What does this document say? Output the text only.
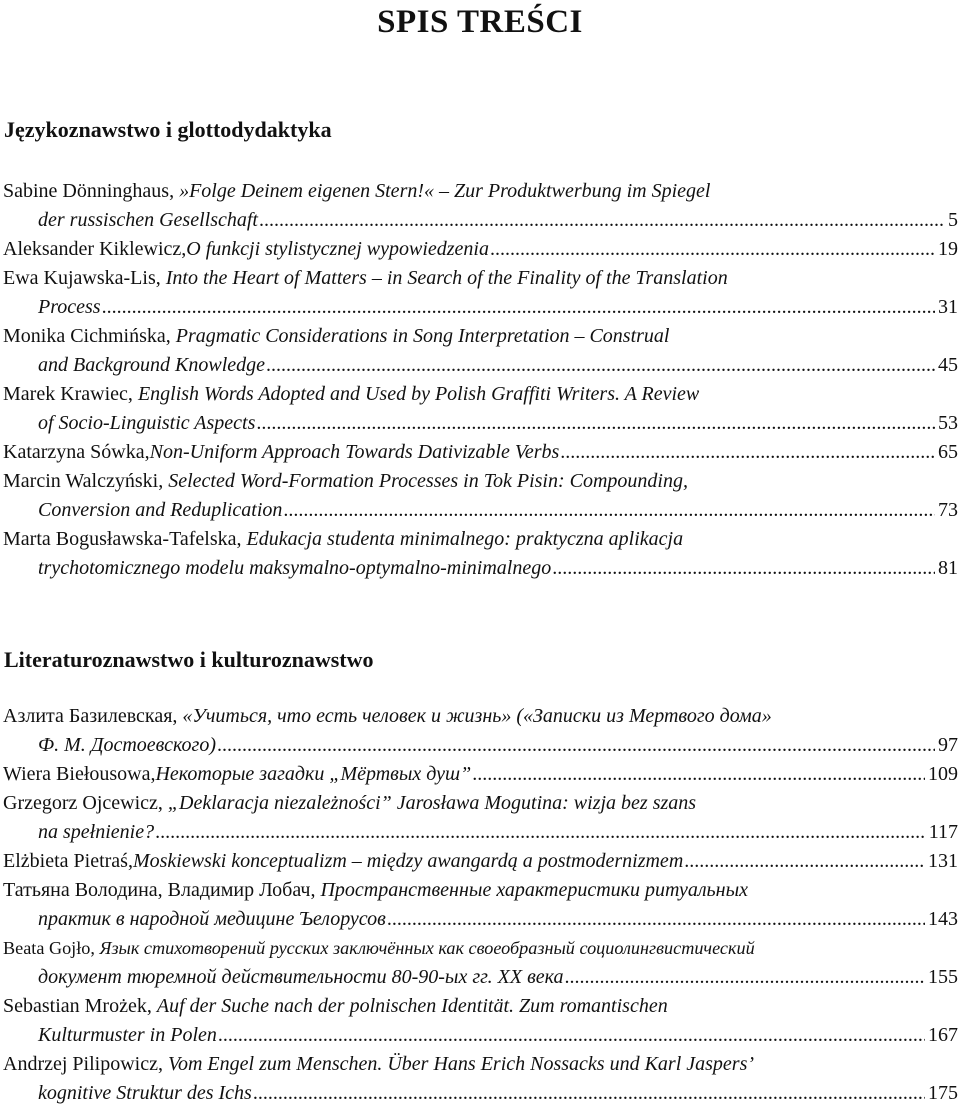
SPIS TREŚCI
Językoznawstwo i glottodydaktyka
Sabine Dönninghaus, »Folge Deinem eigenen Stern!« – Zur Produktwerbung im Spiegel
der russischen Gesellschaft .....	5
Aleksander Kiklewicz, O funkcji stylistycznej wypowiedzenia .....	19
Ewa Kujawska-Lis, Into the Heart of Matters – in Search of the Finality of the Translation
Process .....	31
Monika Cichmińska, Pragmatic Considerations in Song Interpretation – Construal
and Background Knowledge .....	45
Marek Krawiec, English Words Adopted and Used by Polish Graffiti Writers. A Review
of Socio-Linguistic Aspects .....	53
Katarzyna Sówka, Non-Uniform Approach Towards Dativizable Verbs .....	65
Marcin Walczyński, Selected Word-Formation Processes in Tok Pisin: Compounding,
Conversion and Reduplication .....	73
Marta Bogusławska-Tafelska, Edukacja studenta minimalnego: praktyczna aplikacja
trychotomicznego modelu maksymalno-optymalno-minimalnego .....	81
Literaturoznawstwo i kulturoznawstwo
Азлита Базилевская, «Учиться, что есть человек и жизнь» («Записки из Мертвого дома»
Ф. М. Достоевского) .....	97
Wiera Biełousowa, Некоторые загадки „Мёртвых душ” .....	109
Grzegorz Ojcewicz, „Deklaracja niezależności” Jarosława Mogutina: wizja bez szans
na spełnienie? .....	117
Elżbieta Pietraś, Moskiewski konceptualizm – między awangardą a postmodernizmem .....	131
Татьяна Володина, Владимир Лобач, Пространственные характеристики ритуальных
практик в народной медицине Ъелорусов .....	143
Beata Gojło, Язык стихотворений русских заключённых как своеобразный социолингвистический
документ тюремной действительности 80-90-ых гг. XX века .....	155
Sebastian Mrożek, Auf der Suche nach der polnischen Identität. Zum romantischen
Kulturmuster in Polen .....	167
Andrzej Pilipowicz, Vom Engel zum Menschen. Über Hans Erich Nossacks und Karl Jaspers’
kognitive Struktur des Ichs .....	175
